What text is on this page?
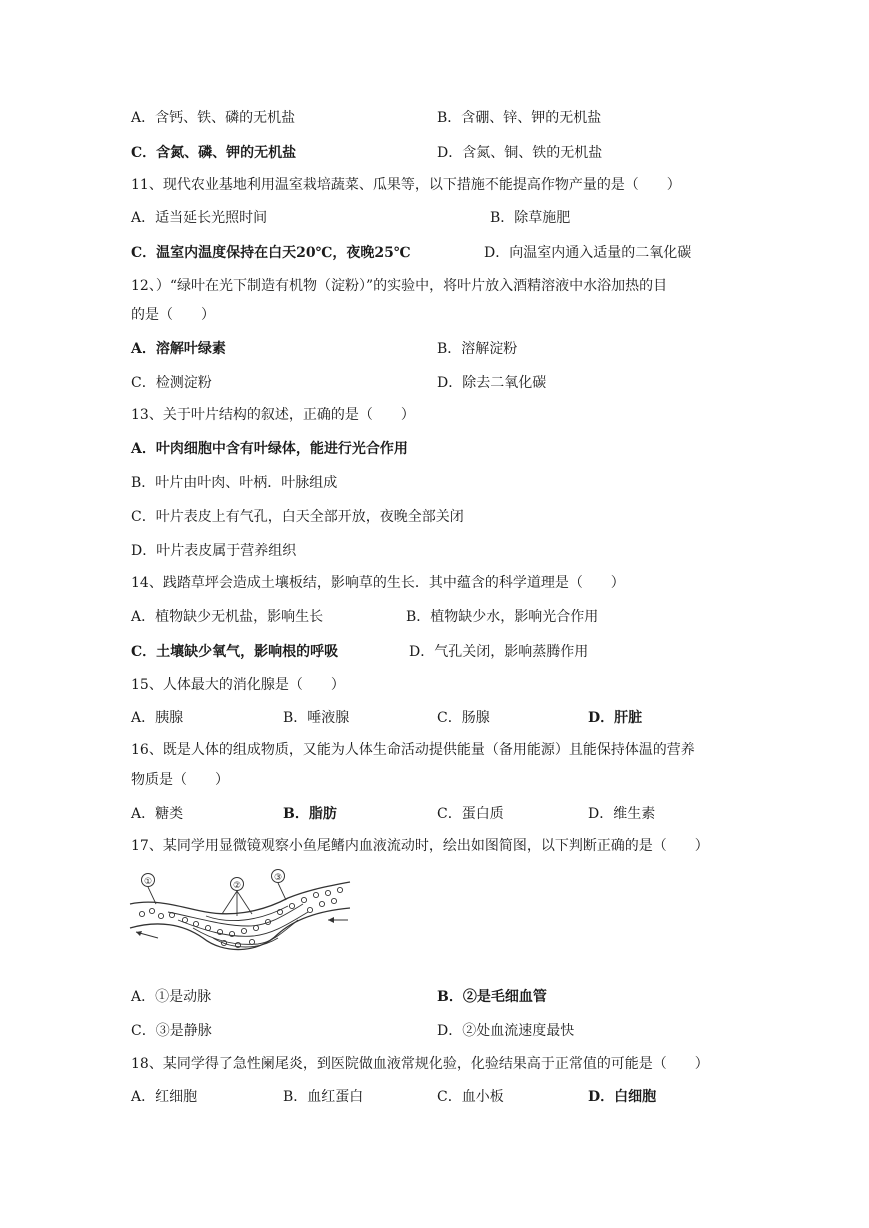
A．含钙、铁、磷的无机盐	B．含硼、锌、钾的无机盐
C．含氮、磷、钾的无机盐	D．含氮、铜、铁的无机盐
11、现代农业基地利用温室栽培蔬菜、瓜果等，以下措施不能提高作物产量的是（　　）
A．适当延长光照时间	B．除草施肥
C．温室内温度保持在白天20℃，夜晚25℃	D．向温室内通入适量的二氧化碳
12、）“绿叶在光下制造有机物（淀粉）”的实验中，将叶片放入酒精溶液中水浴加热的目
的是（　　）
A．溶解叶绿素	B．溶解淀粉
C．检测淀粉	D．除去二氧化碳
13、关于叶片结构的叙述，正确的是（　　）
A．叶肉细胞中含有叶绿体，能进行光合作用
B．叶片由叶肉、叶柄．叶脉组成
C．叶片表皮上有气孔，白天全部开放，夜晚全部关闭
D．叶片表皮属于营养组织
14、践踏草坪会造成土壤板结，影响草的生长．其中蕴含的科学道理是（　　）
A．植物缺少无机盐，影响生长	B．植物缺少水，影响光合作用
C．土壤缺少氧气，影响根的呼吸	D．气孔关闭，影响蒸腾作用
15、人体最大的消化腺是（　　）
A．胰腺	B．唾液腺	C．肠腺	D．肝脏
16、既是人体的组成物质，又能为人体生命活动提供能量（备用能源）且能保持体温的营养
物质是（　　）
A．糖类	B．脂肪	C．蛋白质	D．维生素
17、某同学用显微镜观察小鱼尾鳍内血液流动时，绘出如图简图，以下判断正确的是（　　）
①	②
③
A．①是动脉	B．②是毛细血管
C．③是静脉	D．②处血流速度最快
18、某同学得了急性阑尾炎，到医院做血液常规化验，化验结果高于正常值的可能是（　　）
A．红细胞	B．血红蛋白	C．血小板	D．白细胞
